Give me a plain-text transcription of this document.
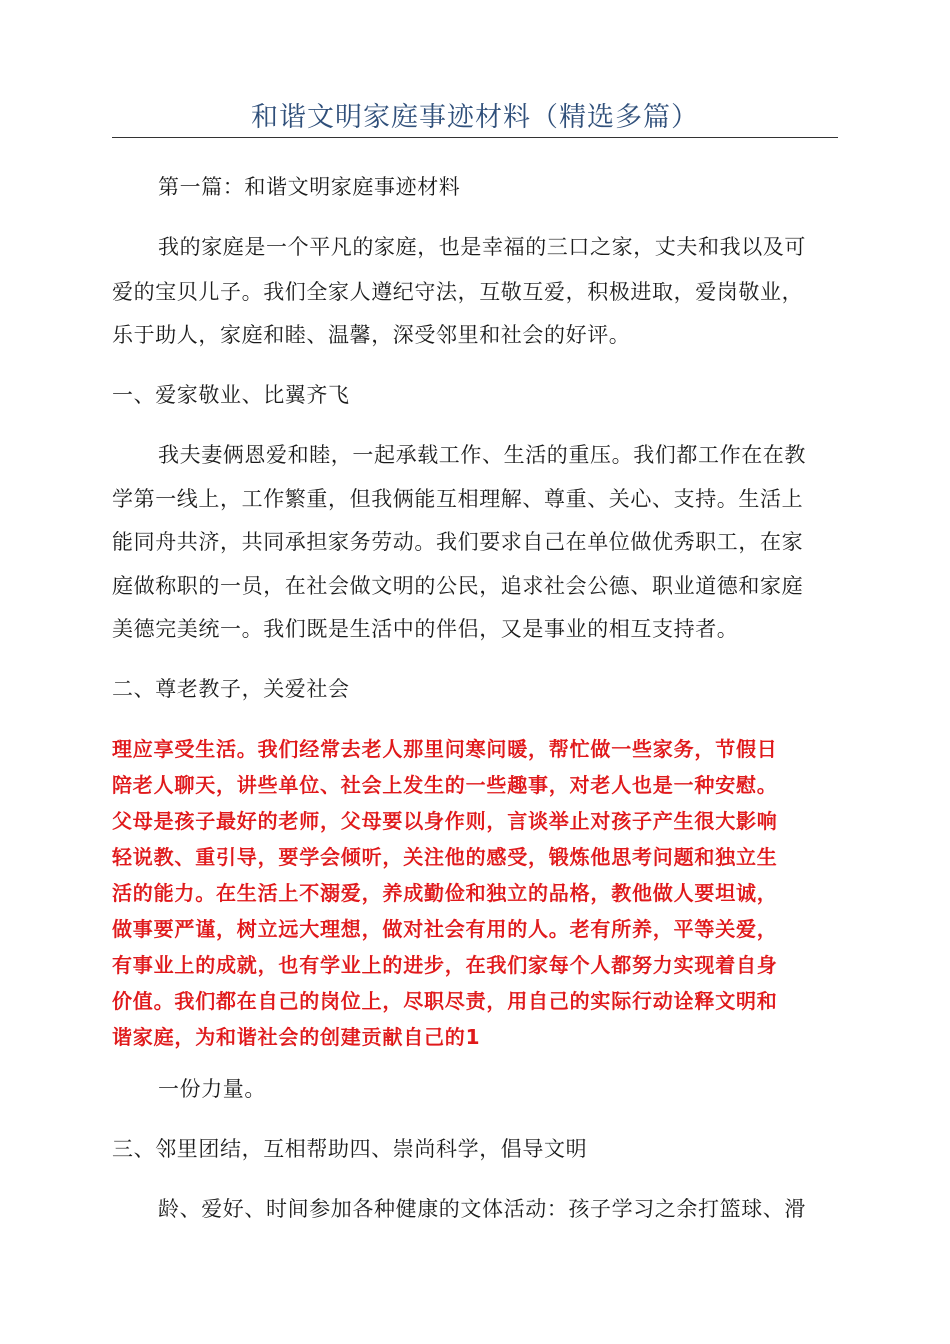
和谐文明家庭事迹材料（精选多篇）
第一篇：和谐文明家庭事迹材料
我的家庭是一个平凡的家庭，也是幸福的三口之家，丈夫和我以及可
爱的宝贝儿子。我们全家人遵纪守法，互敬互爱，积极进取，爱岗敬业，
乐于助人，家庭和睦、温馨，深受邻里和社会的好评。
一、爱家敬业、比翼齐飞
我夫妻俩恩爱和睦，一起承载工作、生活的重压。我们都工作在在教
学第一线上，工作繁重，但我俩能互相理解、尊重、关心、支持。生活上
能同舟共济，共同承担家务劳动。我们要求自己在单位做优秀职工，在家
庭做称职的一员，在社会做文明的公民，追求社会公德、职业道德和家庭
美德完美统一。我们既是生活中的伴侣，又是事业的相互支持者。
二、尊老教子，关爱社会
理应享受生活。我们经常去老人那里问寒问暖，帮忙做一些家务，节假日
陪老人聊天，讲些单位、社会上发生的一些趣事，对老人也是一种安慰。
父母是孩子最好的老师，父母要以身作则，言谈举止对孩子产生很大影响
轻说教、重引导，要学会倾听，关注他的感受，锻炼他思考问题和独立生
活的能力。在生活上不溺爱，养成勤俭和独立的品格，教他做人要坦诚，
做事要严谨，树立远大理想，做对社会有用的人。老有所养，平等关爱，
有事业上的成就，也有学业上的进步，在我们家每个人都努力实现着自身
价值。我们都在自己的岗位上，尽职尽责，用自己的实际行动诠释文明和
谐家庭，为和谐社会的创建贡献自己的1
一份力量。
三、邻里团结，互相帮助四、崇尚科学，倡导文明
龄、爱好、时间参加各种健康的文体活动：孩子学习之余打篮球、滑
